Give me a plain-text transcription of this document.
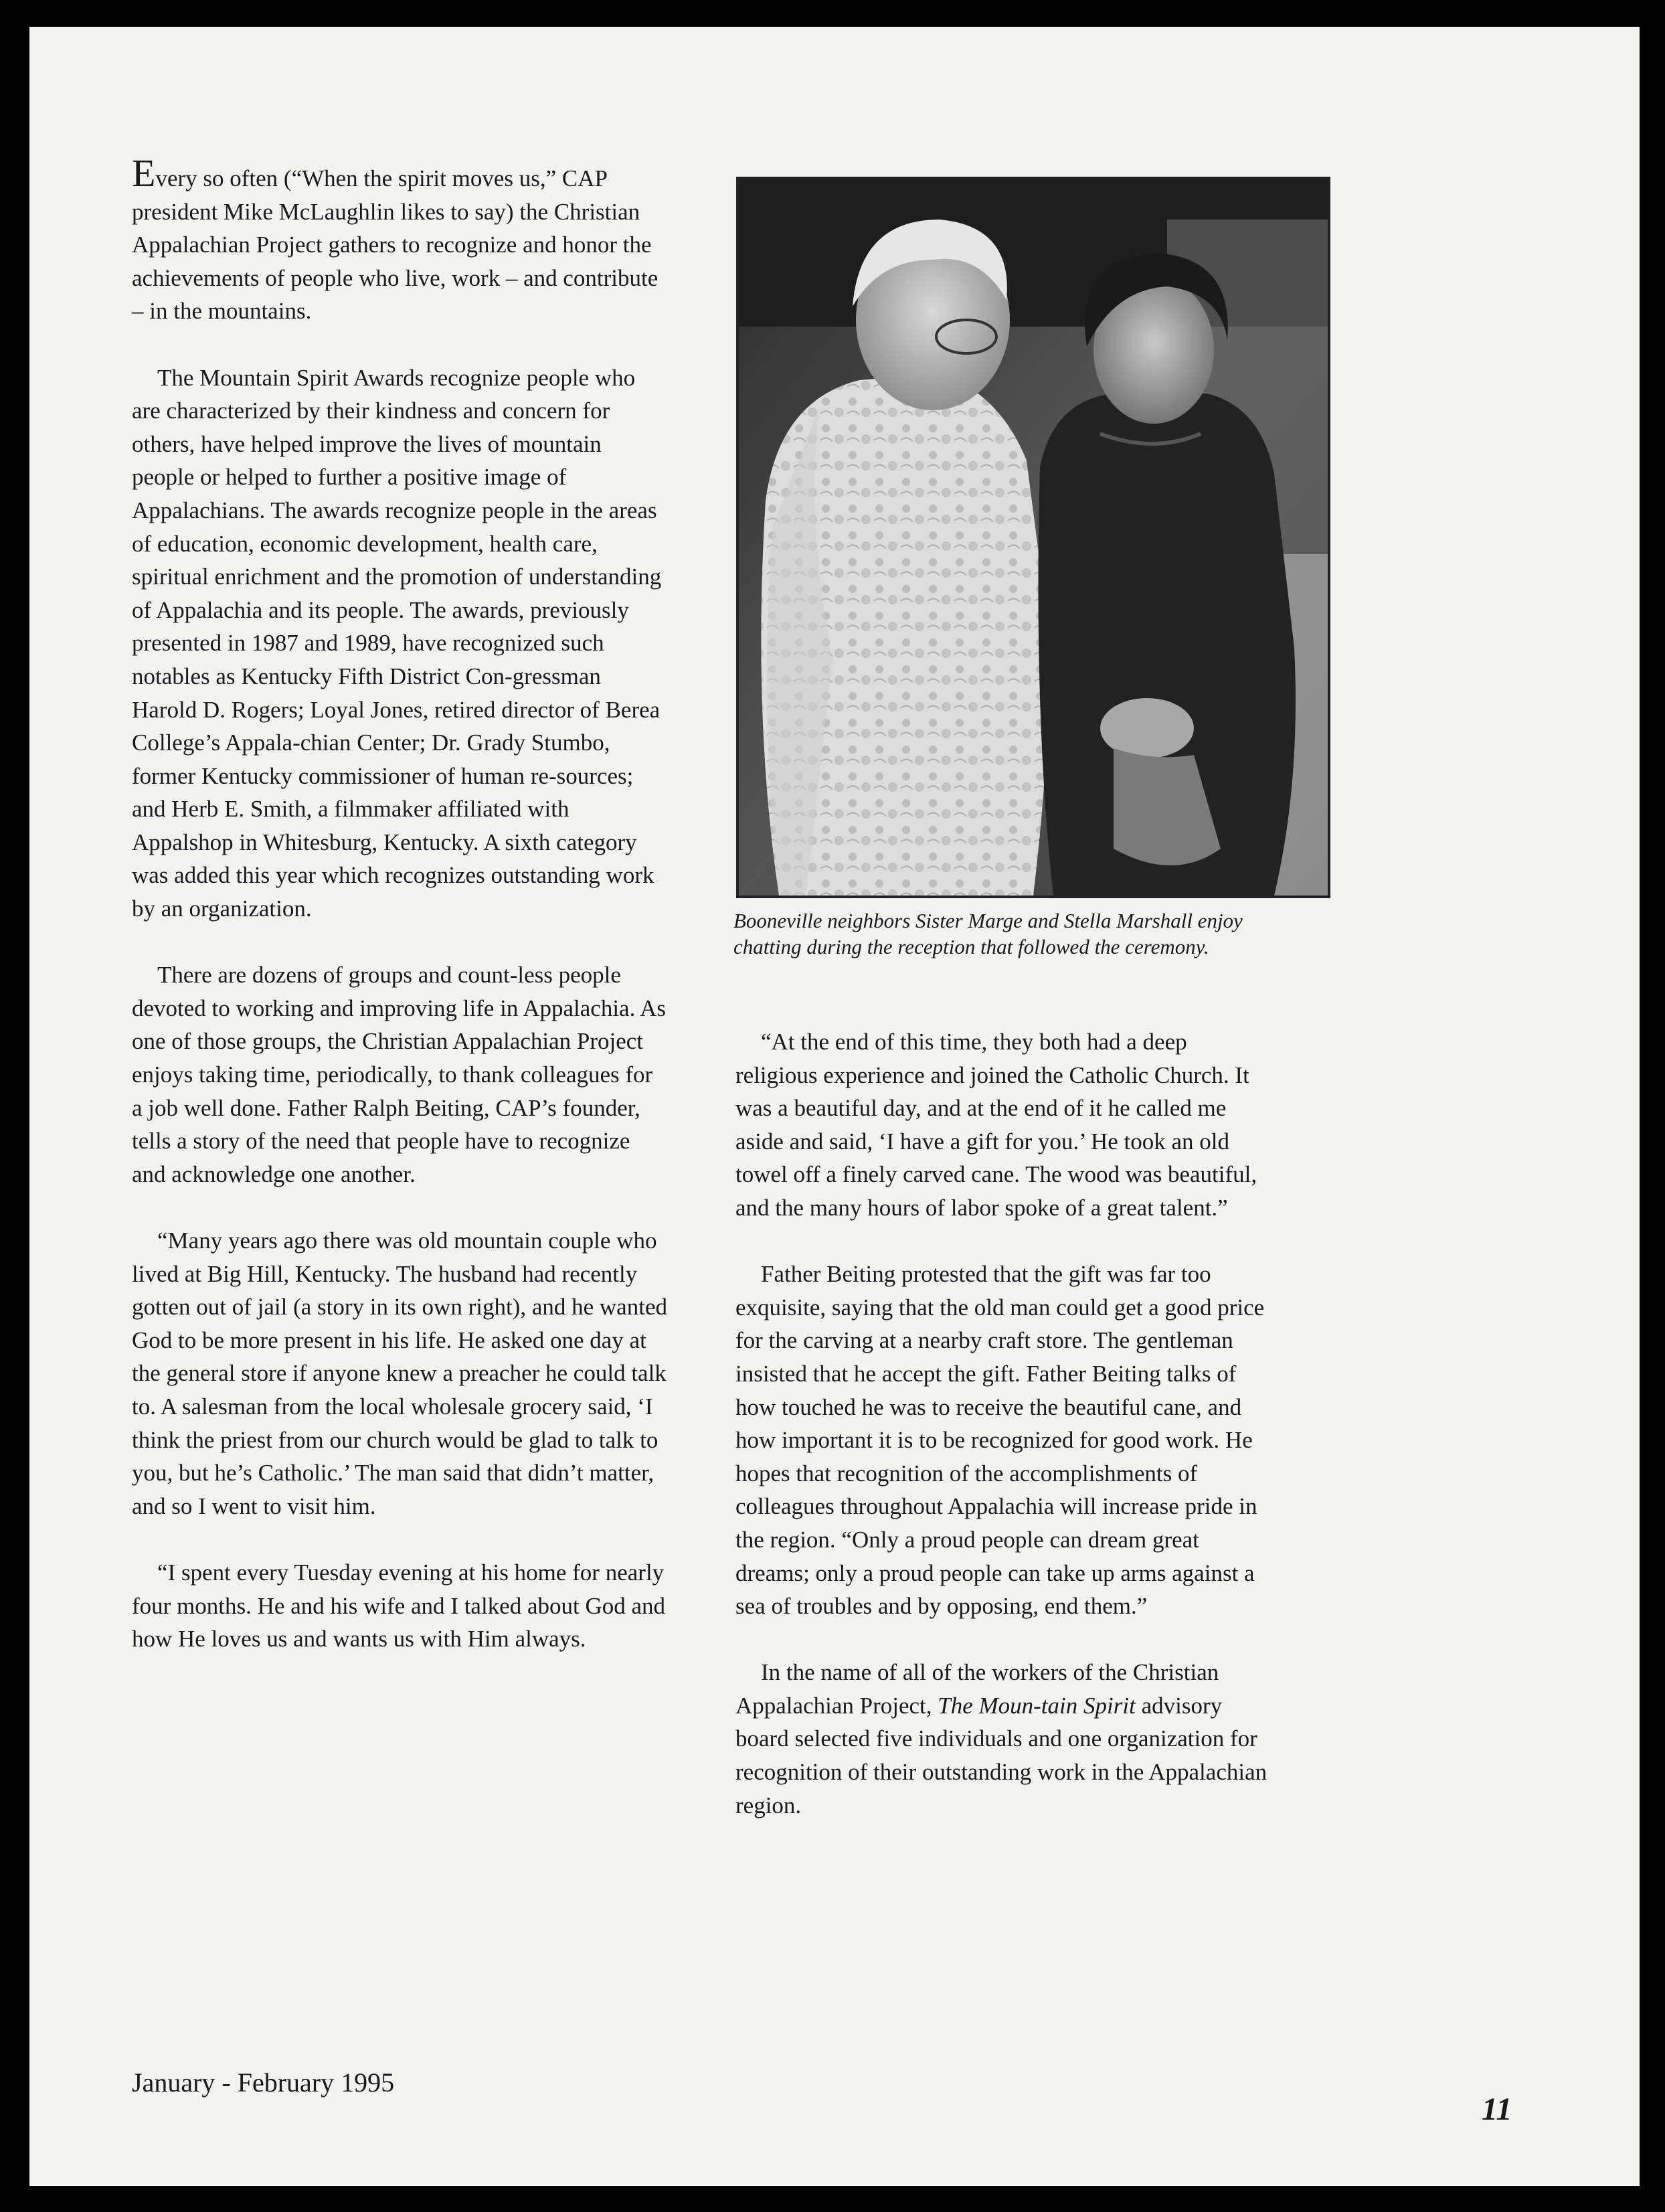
Every so often (“When the spirit moves us,” CAP president Mike McLaughlin likes to say) the Christian Appalachian Project gathers to recognize and honor the achievements of people who live, work – and contribute – in the mountains.

The Mountain Spirit Awards recognize people who are characterized by their kindness and concern for others, have helped improve the lives of mountain people or helped to further a positive image of Appalachians. The awards recognize people in the areas of education, economic development, health care, spiritual enrichment and the promotion of understanding of Appalachia and its people. The awards, previously presented in 1987 and 1989, have recognized such notables as Kentucky Fifth District Con-gressman Harold D. Rogers; Loyal Jones, retired director of Berea College’s Appala-chian Center; Dr. Grady Stumbo, former Kentucky commissioner of human re-sources; and Herb E. Smith, a filmmaker affiliated with Appalshop in Whitesburg, Kentucky. A sixth category was added this year which recognizes outstanding work by an organization.

There are dozens of groups and count-less people devoted to working and improving life in Appalachia. As one of those groups, the Christian Appalachian Project enjoys taking time, periodically, to thank colleagues for a job well done. Father Ralph Beiting, CAP’s founder, tells a story of the need that people have to recognize and acknowledge one another.

“Many years ago there was old mountain couple who lived at Big Hill, Kentucky. The husband had recently gotten out of jail (a story in its own right), and he wanted God to be more present in his life. He asked one day at the general store if anyone knew a preacher he could talk to. A salesman from the local wholesale grocery said, ‘I think the priest from our church would be glad to talk to you, but he’s Catholic.’ The man said that didn’t matter, and so I went to visit him.

“I spent every Tuesday evening at his home for nearly four months. He and his wife and I talked about God and how He loves us and wants us with Him always.

Booneville neighbors Sister Marge and Stella Marshall enjoy
chatting during the reception that followed the ceremony.

“At the end of this time, they both had a deep religious experience and joined the Catholic Church. It was a beautiful day, and at the end of it he called me aside and said, ‘I have a gift for you.’ He took an old towel off a finely carved cane. The wood was beautiful, and the many hours of labor spoke of a great talent.”

Father Beiting protested that the gift was far too exquisite, saying that the old man could get a good price for the carving at a nearby craft store. The gentleman insisted that he accept the gift. Father Beiting talks of how touched he was to receive the beautiful cane, and how important it is to be recognized for good work. He hopes that recognition of the accomplishments of colleagues throughout Appalachia will increase pride in the region. “Only a proud people can dream great dreams; only a proud people can take up arms against a sea of troubles and by opposing, end them.”

In the name of all of the workers of the Christian Appalachian Project, The Moun-tain Spirit advisory board selected five individuals and one organization for recognition of their outstanding work in the Appalachian region.

January - February 1995
11
